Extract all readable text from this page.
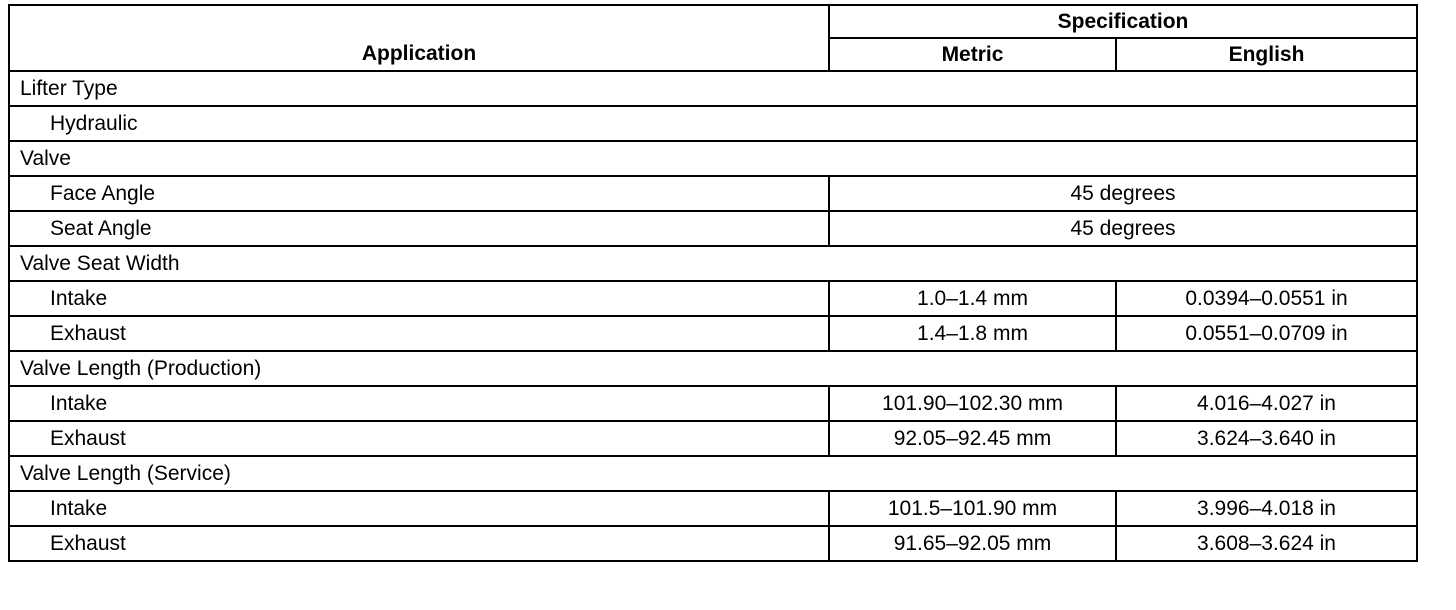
Application	Specification	
	Metric	English
Lifter Type		
Hydraulic		
Valve		
Face Angle	45 degrees	
Seat Angle	45 degrees	
Valve Seat Width		
Intake	1.0–1.4 mm	0.0394–0.0551 in
Exhaust	1.4–1.8 mm	0.0551–0.0709 in
Valve Length (Production)		
Intake	101.90–102.30 mm	4.016–4.027 in
Exhaust	92.05–92.45 mm	3.624–3.640 in
Valve Length (Service)		
Intake	101.5–101.90 mm	3.996–4.018 in
Exhaust	91.65–92.05 mm	3.608–3.624 in
